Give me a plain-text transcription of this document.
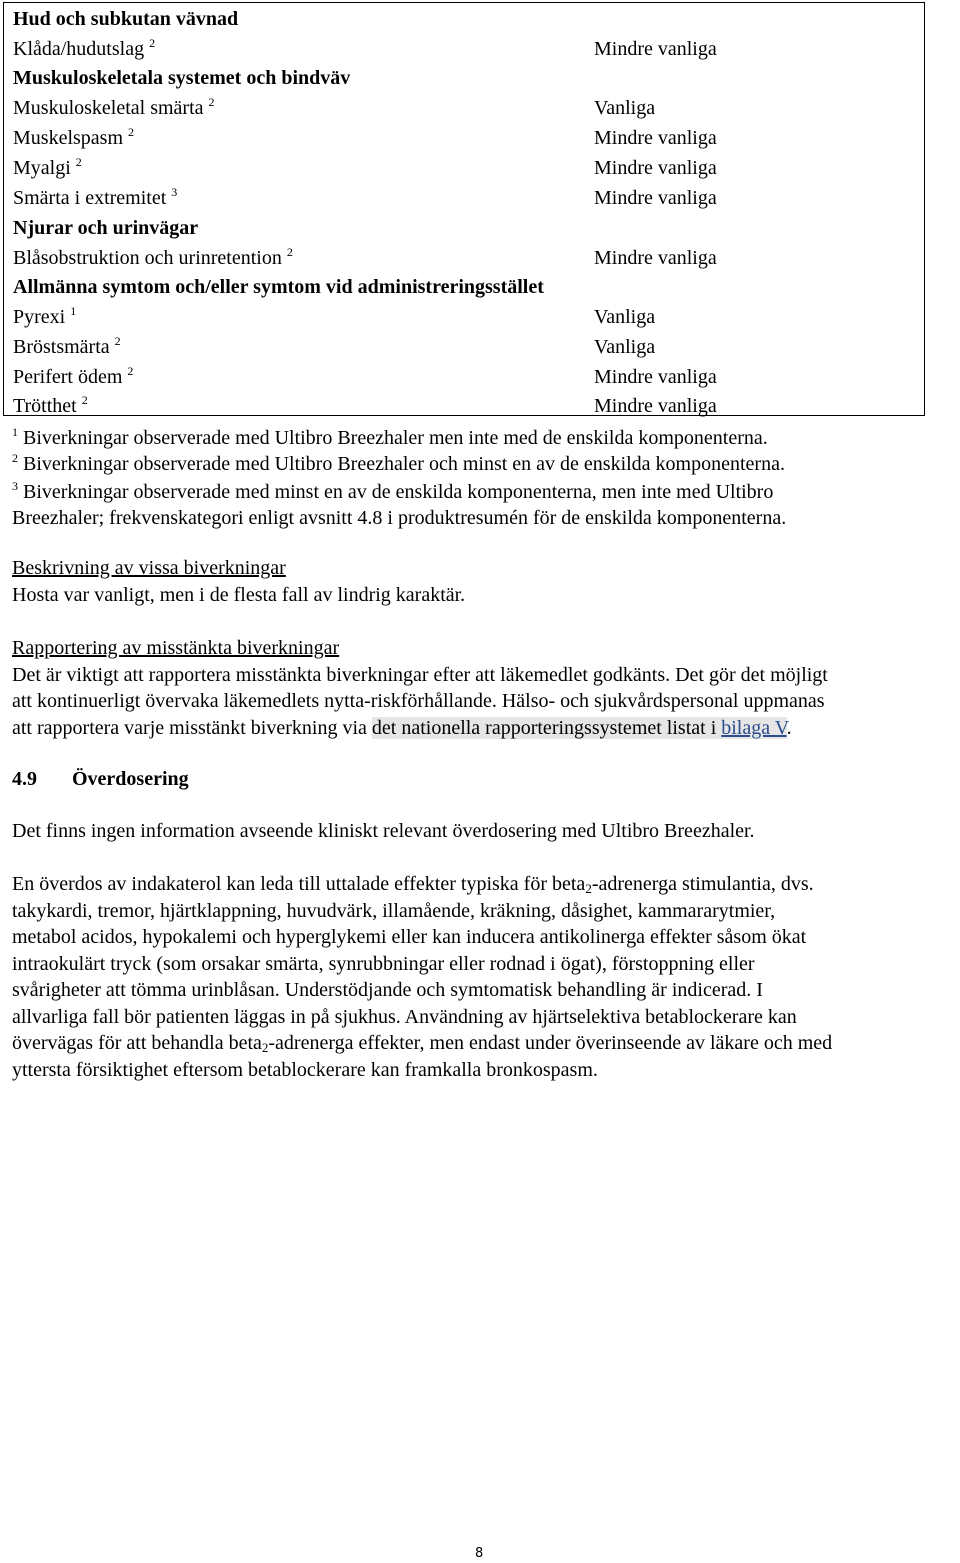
Hud och subkutan vävnad
Klåda/hudutslag $^2$	Mindre vanliga
Muskuloskeletala systemet och bindväv
Muskuloskeletal smärta $^2$	Vanliga
Muskelspasm $^2$	Mindre vanliga
Myalgi $^2$	Mindre vanliga
Smärta i extremitet $^3$	Mindre vanliga
Njurar och urinvägar
Blåsobstruktion och urinretention $^2$	Mindre vanliga
Allmänna symtom och/eller symtom vid administreringsstället
Pyrexi $^1$	Vanliga
Bröstsmärta $^2$	Vanliga
Perifert ödem $^2$	Mindre vanliga
Trötthet $^2$	Mindre vanliga
$^1$ Biverkningar observerade med Ultibro Breezhaler men inte med de enskilda komponenterna.
$^2$ Biverkningar observerade med Ultibro Breezhaler och minst en av de enskilda komponenterna.
$^3$ Biverkningar observerade med minst en av de enskilda komponenterna, men inte med Ultibro
Breezhaler; frekvenskategori enligt avsnitt 4.8 i produktresumén för de enskilda komponenterna.

Beskrivning av vissa biverkningar

Hosta var vanligt, men i de flesta fall av lindrig karaktär.

Rapportering av misstänkta biverkningar

Det är viktigt att rapportera misstänkta biverkningar efter att läkemedlet godkänts. Det gör det möjligt

att kontinuerligt övervaka läkemedlets nytta-riskförhållande. Hälso- och sjukvårdspersonal uppmanas

att rapportera varje misstänkt biverkning via det nationella rapporteringssystemet listat i bilaga V.

4.9 Överdosering

Det finns ingen information avseende kliniskt relevant överdosering med Ultibro Breezhaler.

En överdos av indakaterol kan leda till uttalade effekter typiska för beta$_2$-adrenerga stimulantia, dvs.

takykardi, tremor, hjärtklappning, huvudvärk, illamående, kräkning, dåsighet, kammararytmier,

metabol acidos, hypokalemi och hyperglykemi eller kan inducera antikolinerga effekter såsom ökat

intraokulärt tryck (som orsakar smärta, synrubbningar eller rodnad i ögat), förstoppning eller

svårigheter att tömma urinblåsan. Understödjande och symtomatisk behandling är indicerad. I

allvarliga fall bör patienten läggas in på sjukhus. Användning av hjärtselektiva betablockerare kan

övervägas för att behandla beta$_2$-adrenerga effekter, men endast under överinseende av läkare och med

yttersta försiktighet eftersom betablockerare kan framkalla bronkospasm.

8
